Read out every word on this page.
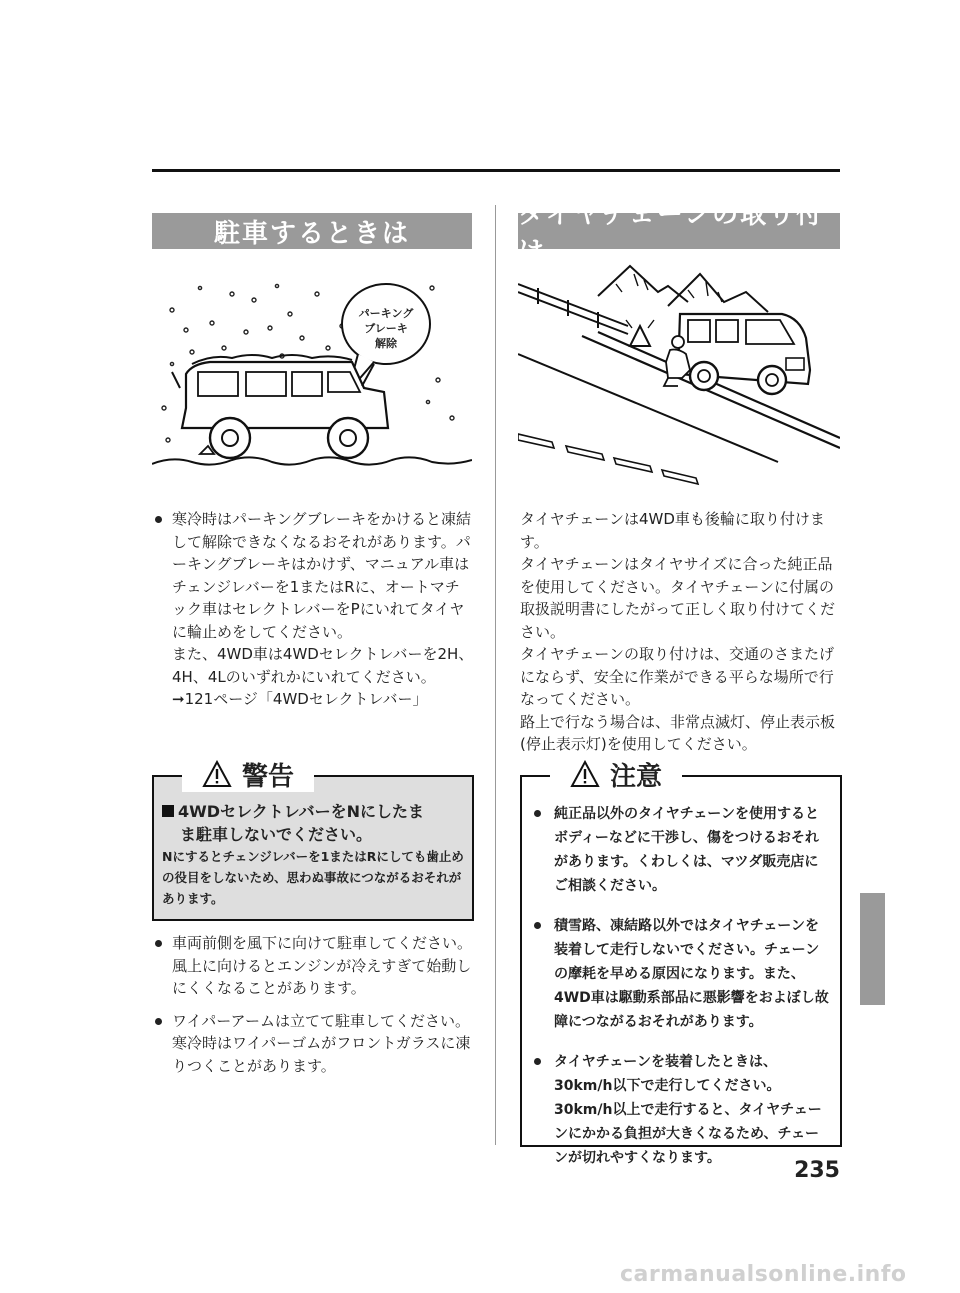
駐車するときは
パーキング
ブレーキ
解除
寒冷時はパーキングブレーキをかけると凍結して解除できなくなるおそれがあります。パーキングブレーキはかけず、マニュアル車はチェンジレバーを1またはRに、オートマチック車はセレクトレバーをPにいれてタイヤに輪止めをしてください。
また、4WD車は4WDセレクトレバーを2H、4H、4Lのいずれかにいれてください。
➞121ページ「4WDセレクトレバー」
警告
4WDセレクトレバーをNにしたま
ま駐車しないでください。
Nにするとチェンジレバーを1またはRにしても歯止めの役目をしないため、思わぬ事故につながるおそれがあります。
車両前側を風下に向けて駐車してください。風上に向けるとエンジンが冷えすぎて始動しにくくなることがあります。
ワイパーアームは立てて駐車してください。寒冷時はワイパーゴムがフロントガラスに凍りつくことがあります。
タイヤチェーンの取り付け

タイヤチェーンは4WD車も後輪に取り付けます。

タイヤチェーンはタイヤサイズに合った純正品を使用してください。タイヤチェーンに付属の取扱説明書にしたがって正しく取り付けてください。

タイヤチェーンの取り付けは、交通のさまたげにならず、安全に作業ができる平らな場所で行なってください。

路上で行なう場合は、非常点滅灯、停止表示板(停止表示灯)を使用してください。

注意
純正品以外のタイヤチェーンを使用するとボディーなどに干渉し、傷をつけるおそれがあります。くわしくは、マツダ販売店にご相談ください。
積雪路、凍結路以外ではタイヤチェーンを装着して走行しないでください。チェーンの摩耗を早める原因になります。また、4WD車は駆動系部品に悪影響をおよぼし故障につながるおそれがあります。
タイヤチェーンを装着したときは、30km/h以下で走行してください。30km/h以上で走行すると、タイヤチェーンにかかる負担が大きくなるため、チェーンが切れやすくなります。	235
carmanualsonline.info
